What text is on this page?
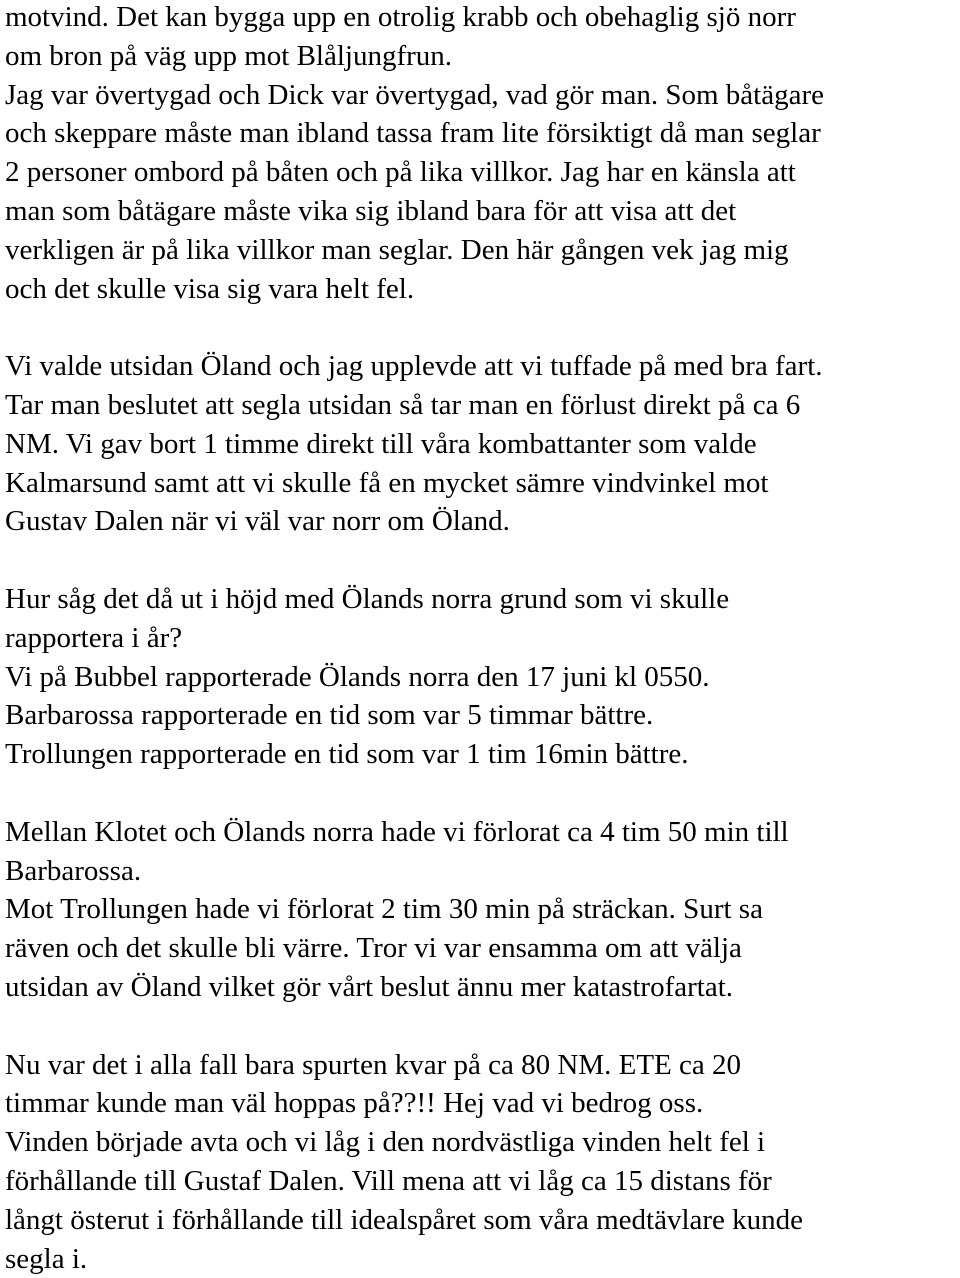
motvind. Det kan bygga upp en otrolig krabb och obehaglig sjö norr
om bron på väg upp mot Blåljungfrun.
Jag var övertygad och Dick var övertygad, vad gör man. Som båtägare
och skeppare måste man ibland tassa fram lite försiktigt då man seglar
2 personer ombord på båten och på lika villkor. Jag har en känsla att
man som båtägare måste vika sig ibland bara för att visa att det
verkligen är på lika villkor man seglar. Den här gången vek jag mig
och det skulle visa sig vara helt fel.
Vi valde utsidan Öland och jag upplevde att vi tuffade på med bra fart.
Tar man beslutet att segla utsidan så tar man en förlust direkt på ca 6
NM. Vi gav bort 1 timme direkt till våra kombattanter som valde
Kalmarsund samt att vi skulle få en mycket sämre vindvinkel mot
Gustav Dalen när vi väl var norr om Öland.
Hur såg det då ut i höjd med Ölands norra grund som vi skulle
rapportera i år?
Vi på Bubbel rapporterade Ölands norra den 17 juni kl 0550.
Barbarossa rapporterade en tid som var 5 timmar bättre.
Trollungen rapporterade en tid som var 1 tim 16min bättre.
Mellan Klotet och Ölands norra hade vi förlorat ca 4 tim 50 min till
Barbarossa.
Mot Trollungen hade vi förlorat 2 tim 30 min på sträckan. Surt sa
räven och det skulle bli värre. Tror vi var ensamma om att välja
utsidan av Öland vilket gör vårt beslut ännu mer katastrofartat.
Nu var det i alla fall bara spurten kvar på ca 80 NM. ETE ca 20
timmar kunde man väl hoppas på??!! Hej vad vi bedrog oss.
Vinden började avta och vi låg i den nordvästliga vinden helt fel i
förhållande till Gustaf Dalen. Vill mena att vi låg ca 15 distans för
långt österut i förhållande till idealspåret som våra medtävlare kunde
segla i.
